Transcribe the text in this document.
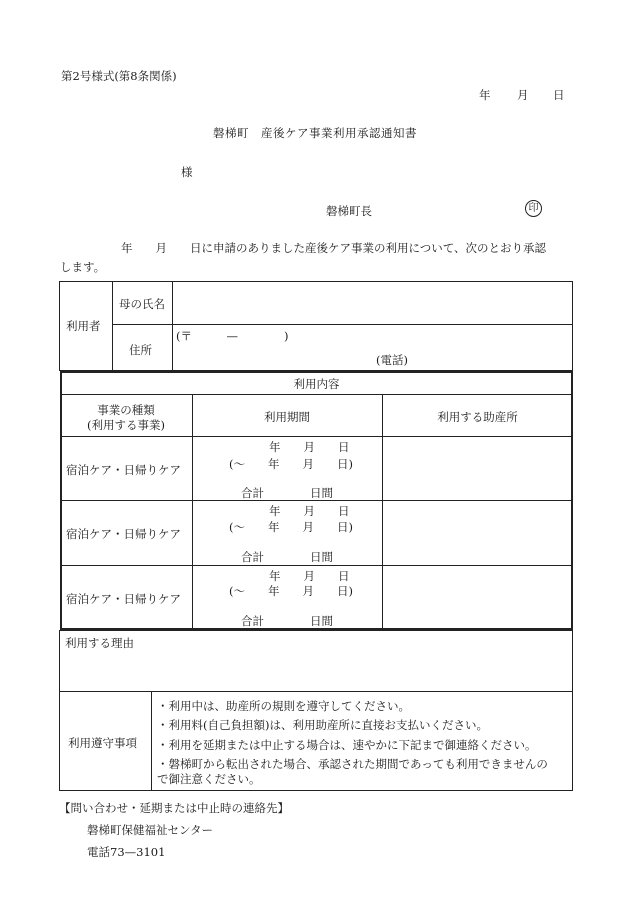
第2号様式(第8条関係)
年 月 日
磐梯町　産後ケア事業利用承認通知書
様
磐梯町長	印
年　　月　　日に申請のありました産後ケア事業の利用について、次のとおり承認
します。
利用者
母の氏名
住所
(〒　　　—　　　　)
(電話)
利用内容
事業の種類
(利用する事業)
利用期間	利用する助産所
宿泊ケア・日帰りケア
年　　月　　日
(〜　　年　　月　　日)
合計　　　　日間
宿泊ケア・日帰りケア
年　　月　　日
(〜　　年　　月　　日)
合計　　　　日間
宿泊ケア・日帰りケア
年　　月　　日
(〜　　年　　月　　日)
合計　　　　日間
利用する理由
利用遵守事項
・利用中は、助産所の規則を遵守してください。
・利用料(自己負担額)は、利用助産所に直接お支払いください。
・利用を延期または中止する場合は、速やかに下記まで御連絡ください。
・磐梯町から転出された場合、承認された期間であっても利用できませんの
で御注意ください。
【問い合わせ・延期または中止時の連絡先】
磐梯町保健福祉センター
電話73—3101
